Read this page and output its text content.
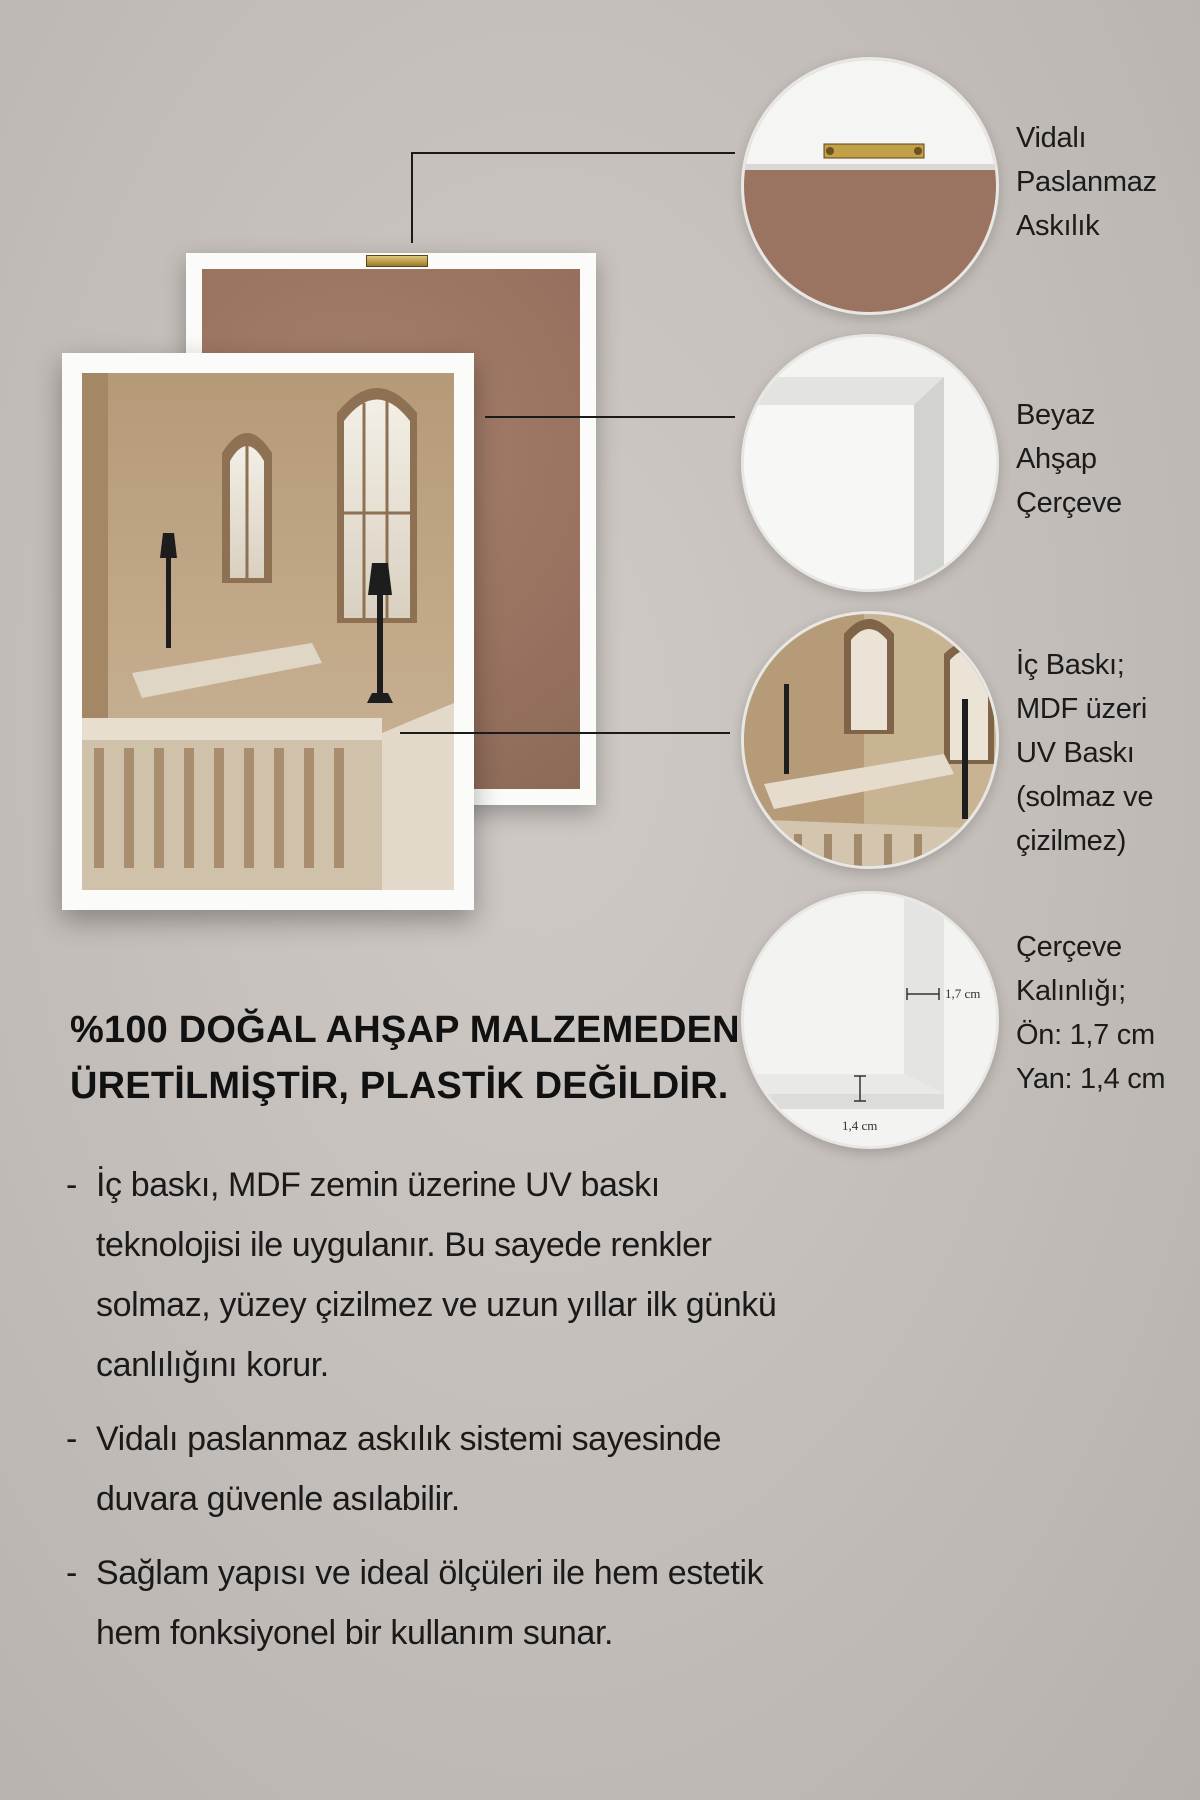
Vidalı
Paslanmaz
Askılık
Beyaz
Ahşap
Çerçeve
İç Baskı;
MDF üzeri
UV Baskı
(solmaz ve
çizilmez)
1,7 cm
1,4 cm
Çerçeve
Kalınlığı;
Ön: 1,7 cm
Yan: 1,4 cm
%100 DOĞAL AHŞAP MALZEMEDEN
ÜRETİLMİŞTİR, PLASTİK DEĞİLDİR.
- İç baskı, MDF zemin üzerine UV baskı teknolojisi ile uygulanır. Bu sayede renkler solmaz, yüzey çizilmez ve uzun yıllar ilk günkü canlılığını korur.
- Vidalı paslanmaz askılık sistemi sayesinde duvara güvenle asılabilir.
- Sağlam yapısı ve ideal ölçüleri ile hem estetik hem fonksiyonel bir kullanım sunar.
